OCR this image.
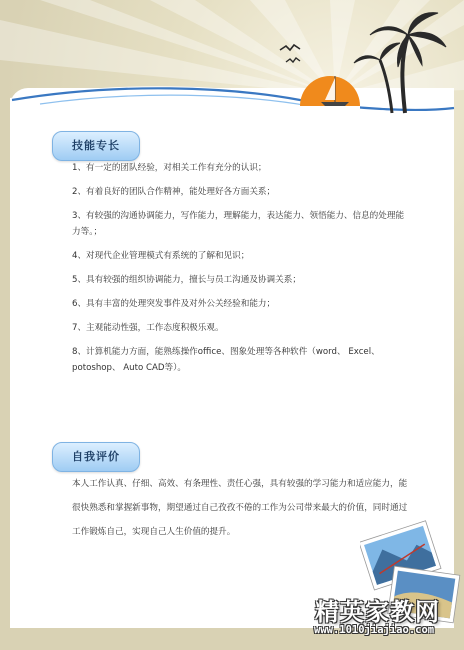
技能专长
1、有一定的团队经验，对相关工作有充分的认识；
2、有着良好的团队合作精神，能处理好各方面关系；
3、有较强的沟通协调能力，写作能力，理解能力，表达能力、领悟能力、信息的处理能力等。；
4、对现代企业管理模式有系统的了解和见识；
5、具有较强的组织协调能力，擅长与员工沟通及协调关系；
6、具有丰富的处理突发事件及对外公关经验和能力；
7、主观能动性强，工作态度积极乐观。
8、计算机能力方面，能熟练操作office、图象处理等各种软件（word、 Excel、 potoshop、 Auto CAD等）。
自我评价

本人工作认真、仔细、高效、有条理性、责任心强，具有较强的学习能力和适应能力，能很快熟悉和掌握新事物，期望通过自己孜孜不倦的工作为公司带来最大的价值，同时通过工作锻炼自己，实现自己人生价值的提升。

精英家教网
www.1010jiajiao.com
